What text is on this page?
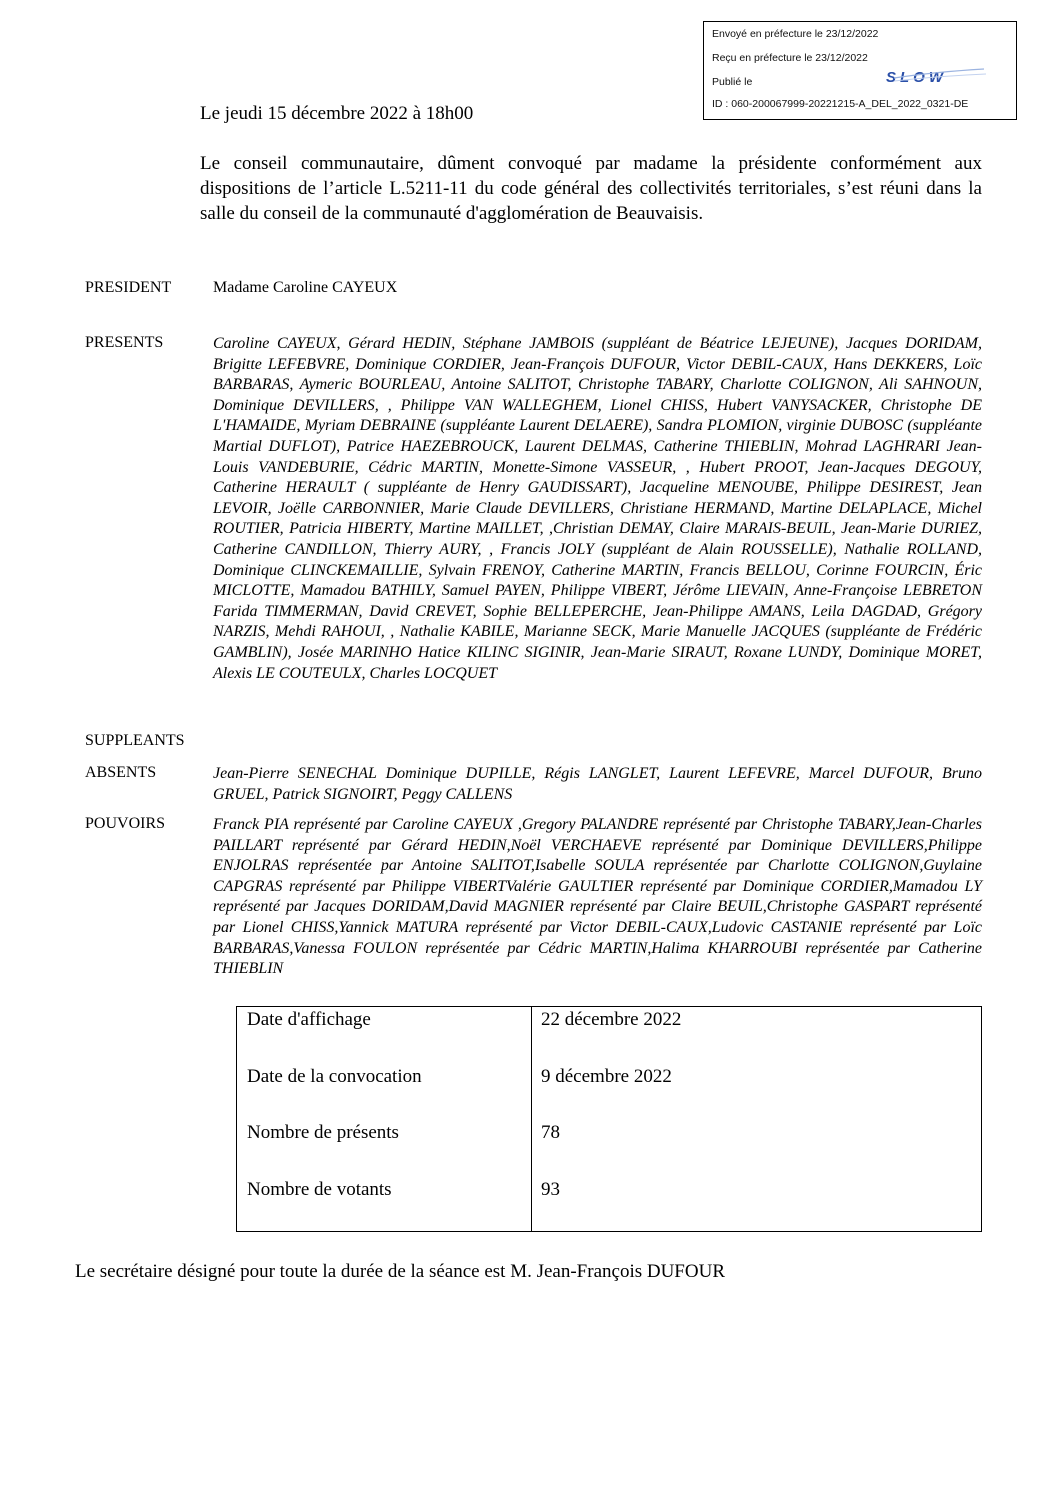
Envoyé en préfecture le 23/12/2022
Reçu en préfecture le 23/12/2022
Publié le	SLOW
ID : 060-200067999-20221215-A_DEL_2022_0321-DE
Le jeudi 15 décembre 2022 à 18h00
Le conseil communautaire, dûment convoqué par madame la présidente conformément aux dispositions de l’article L.5211-11 du code général des collectivités territoriales, s’est réuni dans la salle du conseil de la communauté d'agglomération de Beauvaisis.
PRESIDENT	Madame Caroline CAYEUX
PRESENTS	Caroline CAYEUX, Gérard HEDIN, Stéphane JAMBOIS (suppléant de Béatrice LEJEUNE), Jacques DORIDAM, Brigitte LEFEBVRE, Dominique CORDIER, Jean-François DUFOUR, Victor DEBIL-CAUX, Hans DEKKERS, Loïc BARBARAS, Aymeric BOURLEAU, Antoine SALITOT, Christophe TABARY, Charlotte COLIGNON, Ali SAHNOUN, Dominique DEVILLERS, , Philippe VAN WALLEGHEM, Lionel CHISS, Hubert VANYSACKER, Christophe DE L'HAMAIDE, Myriam DEBRAINE (suppléante Laurent DELAERE), Sandra PLOMION, virginie DUBOSC (suppléante Martial DUFLOT), Patrice HAEZEBROUCK, Laurent DELMAS, Catherine THIEBLIN, Mohrad LAGHRARI Jean-Louis VANDEBURIE, Cédric MARTIN, Monette-Simone VASSEUR, , Hubert PROOT, Jean-Jacques DEGOUY, Catherine HERAULT ( suppléante de Henry GAUDISSART), Jacqueline MENOUBE, Philippe DESIREST, Jean LEVOIR, Joëlle CARBONNIER, Marie Claude DEVILLERS, Christiane HERMAND, Martine DELAPLACE, Michel ROUTIER, Patricia HIBERTY, Martine MAILLET, ,Christian DEMAY, Claire MARAIS-BEUIL, Jean-Marie DURIEZ, Catherine CANDILLON, Thierry AURY, , Francis JOLY (suppléant de Alain ROUSSELLE), Nathalie ROLLAND, Dominique CLINCKEMAILLIE, Sylvain FRENOY, Catherine MARTIN, Francis BELLOU, Corinne FOURCIN, Éric MICLOTTE, Mamadou BATHILY, Samuel PAYEN, Philippe VIBERT, Jérôme LIEVAIN, Anne-Françoise LEBRETON Farida TIMMERMAN, David CREVET, Sophie BELLEPERCHE, Jean-Philippe AMANS, Leila DAGDAD, Grégory NARZIS, Mehdi RAHOUI, , Nathalie KABILE, Marianne SECK, Marie Manuelle JACQUES (suppléante de Frédéric GAMBLIN), Josée MARINHO Hatice KILINC SIGINIR, Jean-Marie SIRAUT, Roxane LUNDY, Dominique MORET, Alexis LE COUTEULX, Charles LOCQUET
SUPPLEANTS
ABSENTS	Jean-Pierre SENECHAL Dominique DUPILLE, Régis LANGLET, Laurent LEFEVRE, Marcel DUFOUR, Bruno GRUEL, Patrick SIGNOIRT, Peggy CALLENS
POUVOIRS	Franck PIA représenté par Caroline CAYEUX ,Gregory PALANDRE représenté par Christophe TABARY,Jean-Charles PAILLART représenté par Gérard HEDIN,Noël VERCHAEVE représenté par Dominique DEVILLERS,Philippe ENJOLRAS représentée par Antoine SALITOT,Isabelle SOULA représentée par Charlotte COLIGNON,Guylaine CAPGRAS représenté par Philippe VIBERTValérie GAULTIER représenté par Dominique CORDIER,Mamadou LY représenté par Jacques DORIDAM,David MAGNIER représenté par Claire BEUIL,Christophe GASPART représenté par Lionel CHISS,Yannick MATURA représenté par Victor DEBIL-CAUX,Ludovic CASTANIE représenté par Loïc BARBARAS,Vanessa FOULON représentée par Cédric MARTIN,Halima KHARROUBI représentée par Catherine THIEBLIN
Date d'affichage	22 décembre 2022
Date de la convocation	9 décembre 2022
Nombre de présents	78
Nombre de votants	93
Le secrétaire désigné pour toute la durée de la séance est M. Jean-François DUFOUR
